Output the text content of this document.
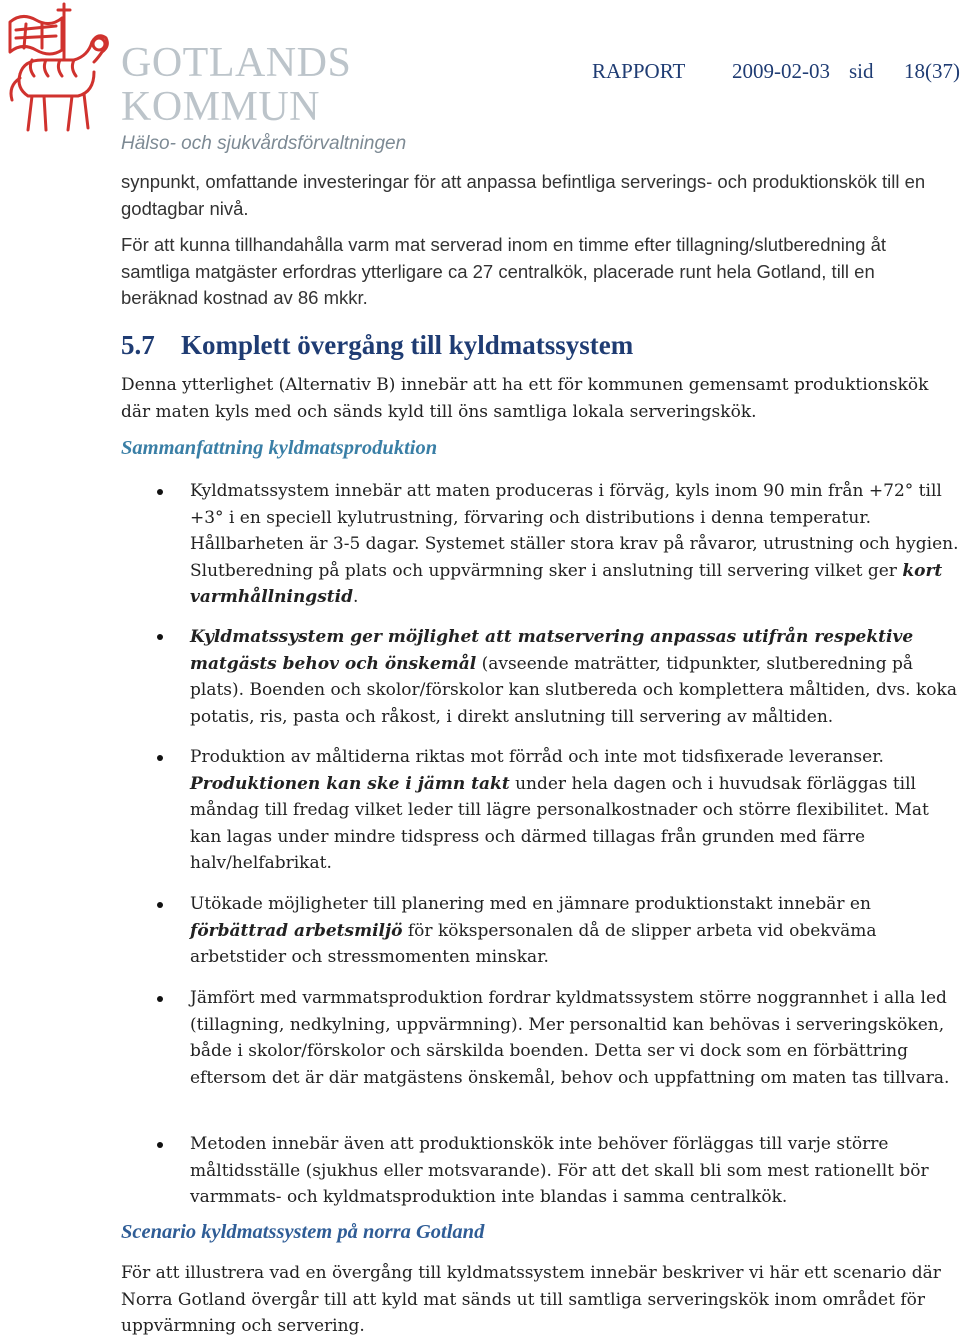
GOTLANDS
KOMMUN
Hälso- och sjukvårdsförvaltningen
RAPPORT 2009-02-03 sid 18(37)

synpunkt, omfattande investeringar för att anpassa befintliga serverings- och produktionskök till en godtagbar nivå.

För att kunna tillhandahålla varm mat serverad inom en timme efter tillagning/slutberedning åt samtliga matgäster erfordras ytterligare ca 27 centralkök, placerade runt hela Gotland, till en beräknad kostnad av 86 mkkr.

5.7 Komplett övergång till kyldmatssystem

Denna ytterlighet (Alternativ B) innebär att ha ett för kommunen gemensamt produktionskök där maten kyls med och sänds kyld till öns samtliga lokala serveringskök.

Sammanfattning kyldmatsproduktion

Kyldmatssystem innebär att maten produceras i förväg, kyls inom 90 min från +72° till +3° i en speciell kylutrustning, förvaring och distributions i denna temperatur. Hållbarheten är 3-5 dagar. Systemet ställer stora krav på råvaror, utrustning och hygien. Slutberedning på plats och uppvärmning sker i anslutning till servering vilket ger kort varmhållningstid.

Kyldmatssystem ger möjlighet att matservering anpassas utifrån respektive matgästs behov och önskemål (avseende maträtter, tidpunkter, slutberedning på plats). Boenden och skolor/förskolor kan slutbereda och komplettera måltiden, dvs. koka potatis, ris, pasta och råkost, i direkt anslutning till servering av måltiden.

Produktion av måltiderna riktas mot förråd och inte mot tidsfixerade leveranser. Produktionen kan ske i jämn takt under hela dagen och i huvudsak förläggas till måndag till fredag vilket leder till lägre personalkostnader och större flexibilitet. Mat kan lagas under mindre tidspress och därmed tillagas från grunden med färre halv/helfabrikat.

Utökade möjligheter till planering med en jämnare produktionstakt innebär en förbättrad arbetsmiljö för kökspersonalen då de slipper arbeta vid obekväma arbetstider och stressmomenten minskar.

Jämfört med varmmatsproduktion fordrar kyldmatssystem större noggrannhet i alla led (tillagning, nedkylning, uppvärmning). Mer personaltid kan behövas i serveringsköken, både i skolor/förskolor och särskilda boenden. Detta ser vi dock som en förbättring eftersom det är där matgästens önskemål, behov och uppfattning om maten tas tillvara.

Metoden innebär även att produktionskök inte behöver förläggas till varje större måltidsställe (sjukhus eller motsvarande). För att det skall bli som mest rationellt bör varmmats- och kyldmatsproduktion inte blandas i samma centralkök.

Scenario kyldmatssystem på norra Gotland

För att illustrera vad en övergång till kyldmatssystem innebär beskriver vi här ett scenario där Norra Gotland övergår till att kyld mat sänds ut till samtliga serveringskök inom området för uppvärmning och servering.
